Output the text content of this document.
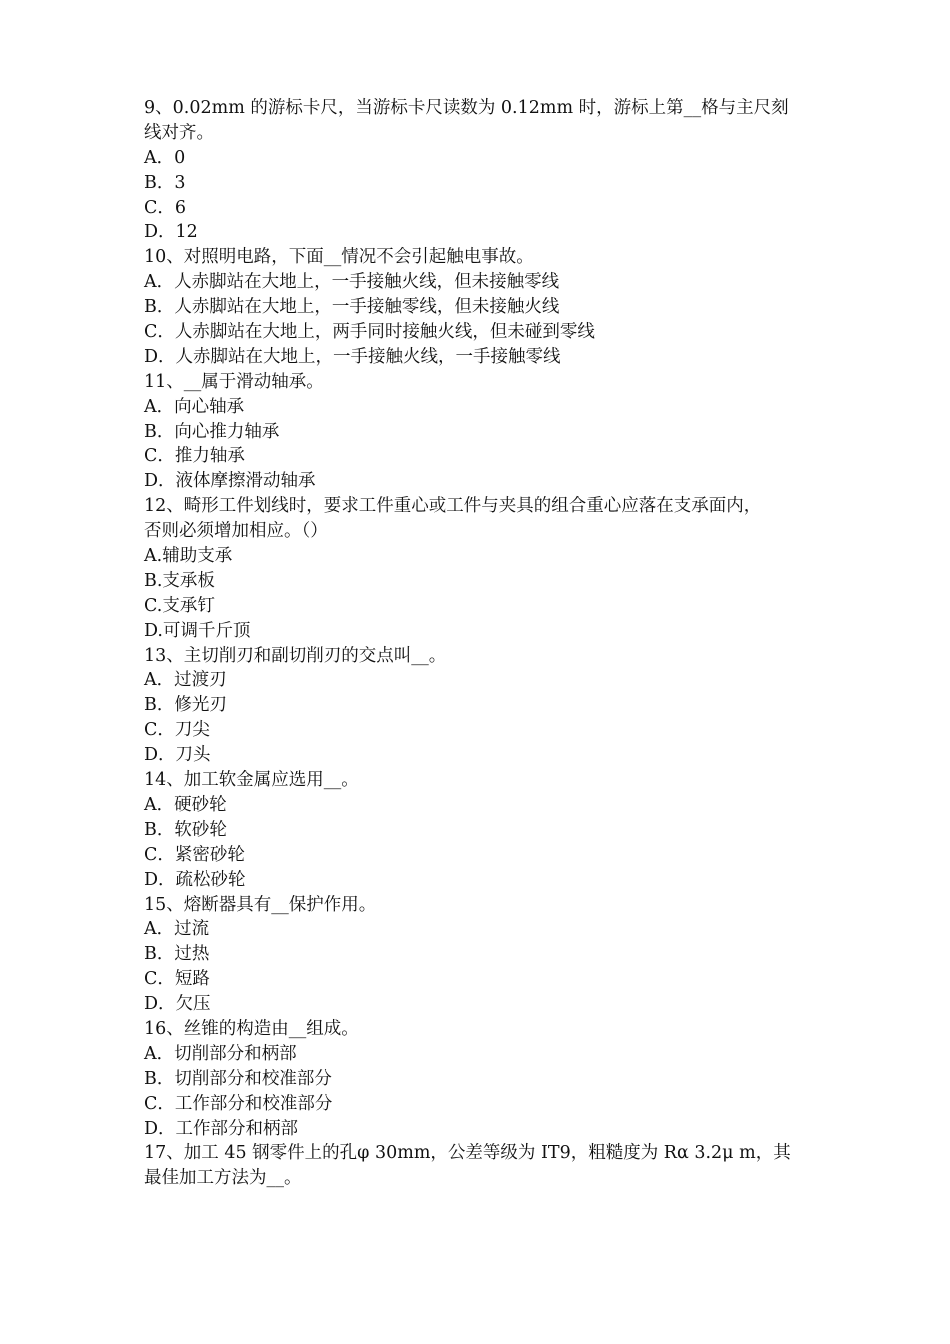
9、0.02mm 的游标卡尺，当游标卡尺读数为 0.12mm 时，游标上第__格与主尺刻
线对齐。
A．0
B．3
C．6
D．12
10、对照明电路，下面__情况不会引起触电事故。
A．人赤脚站在大地上，一手接触火线，但未接触零线
B．人赤脚站在大地上，一手接触零线，但未接触火线
C．人赤脚站在大地上，两手同时接触火线，但未碰到零线
D．人赤脚站在大地上，一手接触火线，一手接触零线
11、__属于滑动轴承。
A．向心轴承
B．向心推力轴承
C．推力轴承
D．液体摩擦滑动轴承
12、畸形工件划线时，要求工件重心或工件与夹具的组合重心应落在支承面内，
否则必须增加相应。（）
A.辅助支承
B.支承板
C.支承钉
D.可调千斤顶
13、主切削刃和副切削刃的交点叫__。
A．过渡刃
B．修光刃
C．刀尖
D．刀头
14、加工软金属应选用__。
A．硬砂轮
B．软砂轮
C．紧密砂轮
D．疏松砂轮
15、熔断器具有__保护作用。
A．过流
B．过热
C．短路
D．欠压
16、丝锥的构造由__组成。
A．切削部分和柄部
B．切削部分和校准部分
C．工作部分和校准部分
D．工作部分和柄部
17、加工 45 钢零件上的孔φ 30mm，公差等级为 IT9，粗糙度为 Rα 3.2μ m，其
最佳加工方法为__。
